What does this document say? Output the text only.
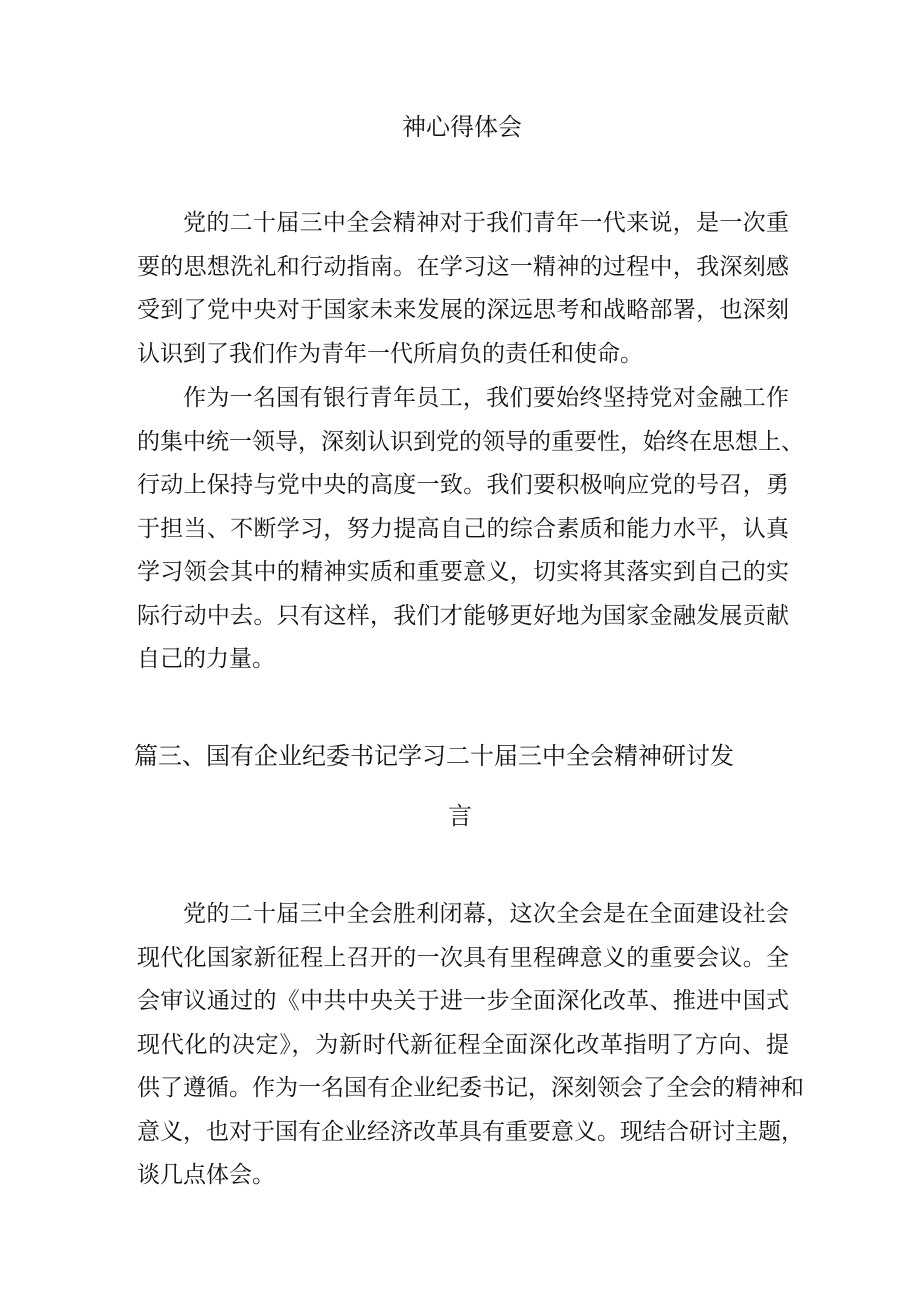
神心得体会
党的二十届三中全会精神对于我们青年一代来说，是一次重
要的思想洗礼和行动指南。在学习这一精神的过程中，我深刻感
受到了党中央对于国家未来发展的深远思考和战略部署，也深刻
认识到了我们作为青年一代所肩负的责任和使命。
作为一名国有银行青年员工，我们要始终坚持党对金融工作
的集中统一领导，深刻认识到党的领导的重要性，始终在思想上、
行动上保持与党中央的高度一致。我们要积极响应党的号召，勇
于担当、不断学习，努力提高自己的综合素质和能力水平，认真
学习领会其中的精神实质和重要意义，切实将其落实到自己的实
际行动中去。只有这样，我们才能够更好地为国家金融发展贡献
自己的力量。
篇三、国有企业纪委书记学习二十届三中全会精神研讨发
言
党的二十届三中全会胜利闭幕，这次全会是在全面建设社会
现代化国家新征程上召开的一次具有里程碑意义的重要会议。全
会审议通过的《中共中央关于进一步全面深化改革、推进中国式
现代化的决定》，为新时代新征程全面深化改革指明了方向、提
供了遵循。作为一名国有企业纪委书记，深刻领会了全会的精神和
意义，也对于国有企业经济改革具有重要意义。现结合研讨主题，
谈几点体会。
